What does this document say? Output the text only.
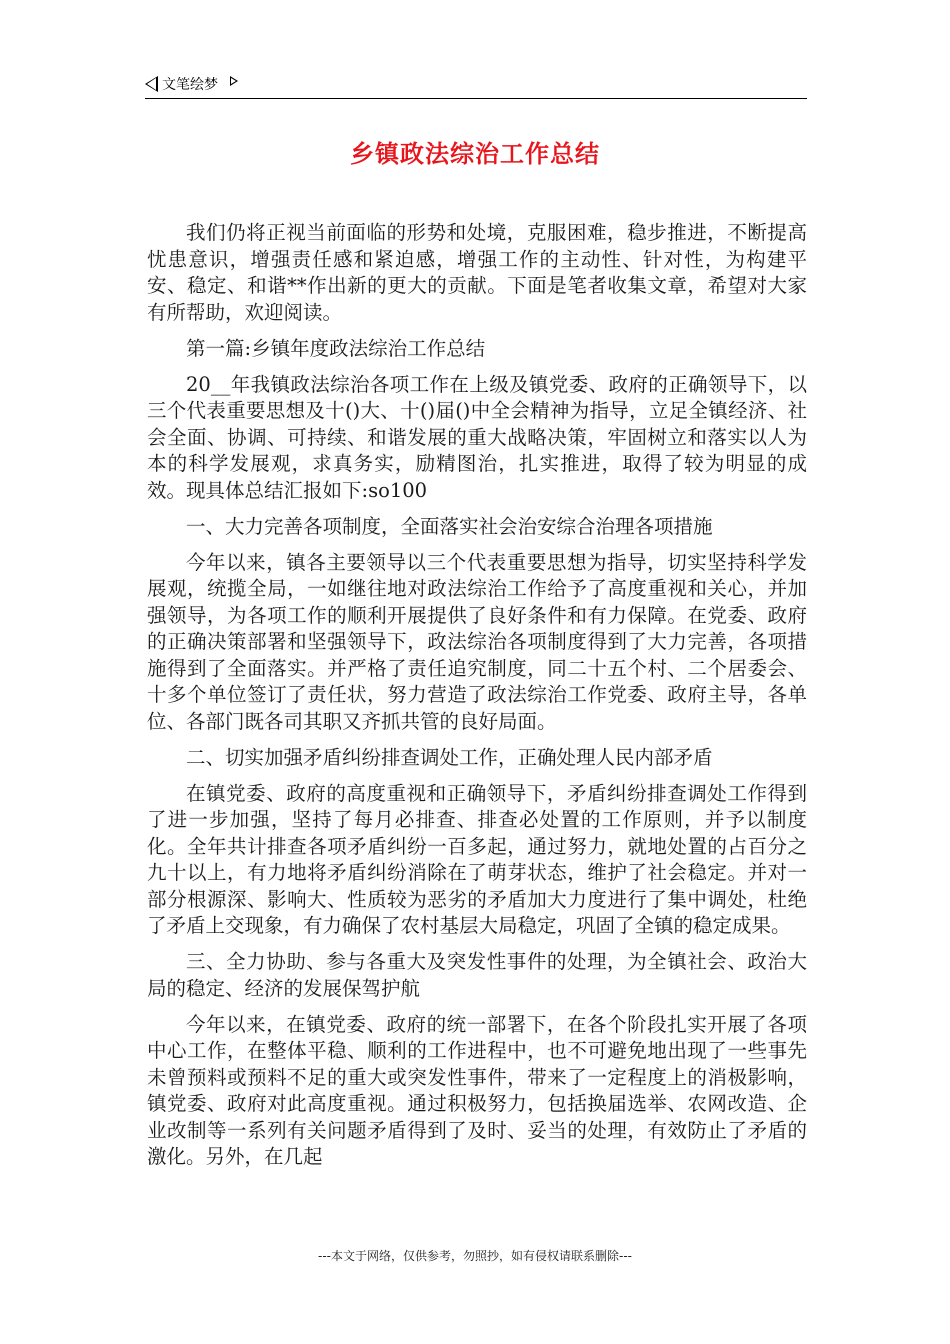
文笔绘梦
乡镇政法综治工作总结

我们仍将正视当前面临的形势和处境，克服困难，稳步推进，不断提高忧患意识，增强责任感和紧迫感，增强工作的主动性、针对性，为构建平安、稳定、和谐**作出新的更大的贡献。下面是笔者收集文章，希望对大家有所帮助，欢迎阅读。

第一篇:乡镇年度政法综治工作总结

20__年我镇政法综治各项工作在上级及镇党委、政府的正确领导下，以三个代表重要思想及十()大、十()届()中全会精神为指导，立足全镇经济、社会全面、协调、可持续、和谐发展的重大战略决策，牢固树立和落实以人为本的科学发展观，求真务实，励精图治，扎实推进，取得了较为明显的成效。现具体总结汇报如下:so100

一、大力完善各项制度，全面落实社会治安综合治理各项措施

今年以来，镇各主要领导以三个代表重要思想为指导，切实坚持科学发展观，统揽全局，一如继往地对政法综治工作给予了高度重视和关心，并加强领导，为各项工作的顺利开展提供了良好条件和有力保障。在党委、政府的正确决策部署和坚强领导下，政法综治各项制度得到了大力完善，各项措施得到了全面落实。并严格了责任追究制度，同二十五个村、二个居委会、十多个单位签订了责任状，努力营造了政法综治工作党委、政府主导，各单位、各部门既各司其职又齐抓共管的良好局面。

二、切实加强矛盾纠纷排查调处工作，正确处理人民内部矛盾

在镇党委、政府的高度重视和正确领导下，矛盾纠纷排查调处工作得到了进一步加强，坚持了每月必排查、排查必处置的工作原则，并予以制度化。全年共计排查各项矛盾纠纷一百多起，通过努力，就地处置的占百分之九十以上，有力地将矛盾纠纷消除在了萌芽状态，维护了社会稳定。并对一部分根源深、影响大、性质较为恶劣的矛盾加大力度进行了集中调处，杜绝了矛盾上交现象，有力确保了农村基层大局稳定，巩固了全镇的稳定成果。

三、全力协助、参与各重大及突发性事件的处理，为全镇社会、政治大局的稳定、经济的发展保驾护航

今年以来，在镇党委、政府的统一部署下，在各个阶段扎实开展了各项中心工作，在整体平稳、顺利的工作进程中，也不可避免地出现了一些事先未曾预料或预料不足的重大或突发性事件，带来了一定程度上的消极影响，镇党委、政府对此高度重视。通过积极努力，包括换届选举、农网改造、企业改制等一系列有关问题矛盾得到了及时、妥当的处理，有效防止了矛盾的激化。另外，在几起

---本文于网络，仅供参考，勿照抄，如有侵权请联系删除---
